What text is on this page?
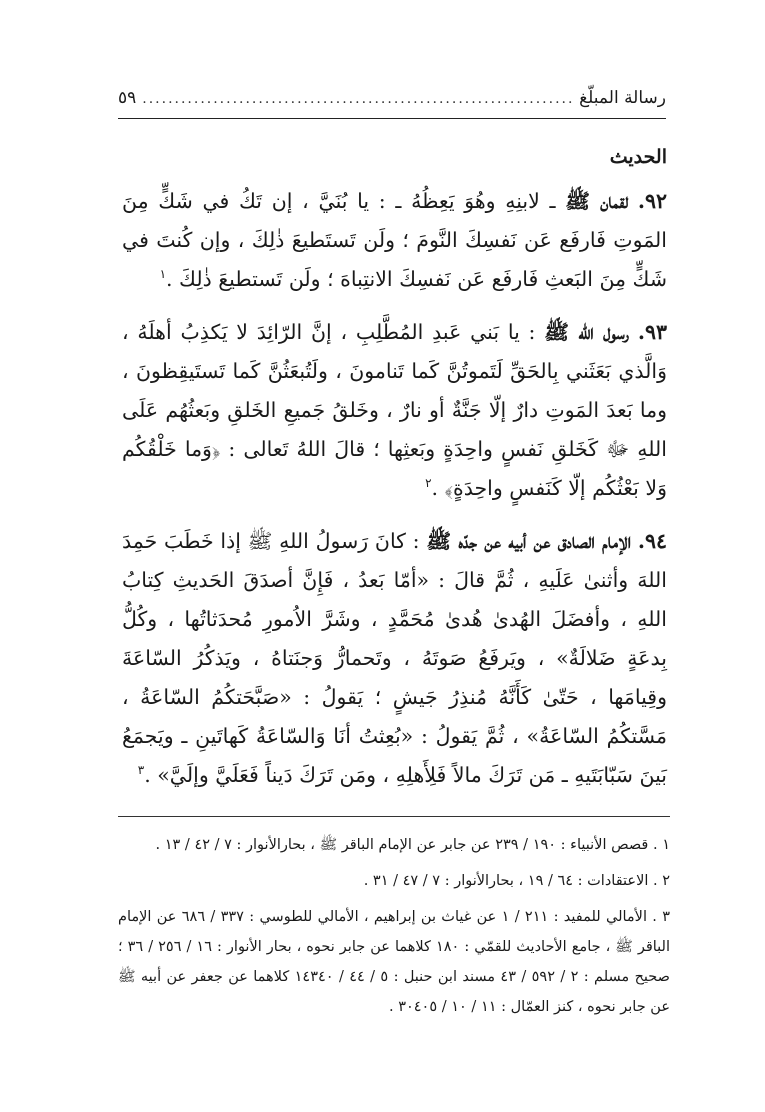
رسالة المبلّغ
.....
٥٩
الحديث

٩٢. لقمان ﷺ ـ لابنِهِ وهُوَ يَعِظُهُ ـ : يا بُنَيَّ ، إن تَكُ في شَكٍّ مِنَ المَوتِ فَارفَع عَن نَفسِكَ النَّومَ ؛ ولَن تَستَطيعَ ذٰلِكَ ، وإن كُنتَ في شَكٍّ مِنَ البَعثِ فَارفَع عَن نَفسِكَ الانتِباهَ ؛ ولَن تَستطيعَ ذٰلِكَ .$^١$

٩٣. رسول الله ﷺ : يا بَني عَبدِ المُطَّلِبِ ، إنَّ الرّائِدَ لا يَكذِبُ أهلَهُ ، وَالَّذي بَعَثَني بِالحَقِّ لَتَموتُنَّ كَما تَنامونَ ، ولَتُبعَثُنَّ كَما تَستَيقِظونَ ، وما بَعدَ المَوتِ دارٌ إلّا جَنَّةٌ أو نارٌ ، وخَلقُ جَميعِ الخَلقِ وبَعثُهُم عَلَى اللهِ ﷻ كَخَلقِ نَفسٍ واحِدَةٍ وبَعثِها ؛ قالَ اللهُ تَعالى : ﴿وَما خَلْقُكُم وَلا بَعْثُكُم إلّا كَنَفسٍ واحِدَةٍ﴾ .$^٢$

٩٤. الإمام الصادق عن أبيه عن جدّه ﷺ : كانَ رَسولُ اللهِ ﷺ إذا خَطَبَ حَمِدَ اللهَ وأثنىٰ عَلَيهِ ، ثُمَّ قالَ : «أمّا بَعدُ ، فَإِنَّ أصدَقَ الحَديثِ كِتابُ اللهِ ، وأفضَلَ الهُدىٰ هُدىٰ مُحَمَّدٍ ، وشَرَّ الاُمورِ مُحدَثاتُها ، وكُلُّ بِدعَةٍ ضَلالَةٌ» ، ويَرفَعُ صَوتَهُ ، وتَحمارُّ وَجنَتاهُ ، ويَذكُرُ السّاعَةَ وقِيامَها ، حَتّىٰ كَأَنَّهُ مُنذِرُ جَيشٍ ؛ يَقولُ : «صَبَّحَتكُمُ السّاعَةُ ، مَسَّتكُمُ السّاعَةُ» ، ثُمَّ يَقولُ : «بُعِثتُ أنَا وَالسّاعَةُ كَهاتَينِ ـ ويَجمَعُ بَينَ سَبّابَتَيهِ ـ مَن تَرَكَ مالاً فَلِأَهلِهِ ، ومَن تَرَكَ دَيناً فَعَلَيَّ وإلَيَّ» .$^٣$

١ . قصص الأنبياء : ١٩٠ / ٢٣٩ عن جابر عن الإمام الباقر ﷺ ، بحارالأنوار : ٧ / ٤٢ / ١٣ .
٢ . الاعتقادات : ٦٤ / ١٩ ، بحارالأنوار : ٧ / ٤٧ / ٣١ .
٣ . الأمالي للمفيد : ٢١١ / ١ عن غياث بن إبراهيم ، الأمالي للطوسي : ٣٣٧ / ٦٨٦ عن الإمام الباقر ﷺ ، جامع الأحاديث للقمّي : ١٨٠ كلاهما عن جابر نحوه ، بحار الأنوار : ١٦ / ٢٥٦ / ٣٦ ؛ صحيح مسلم : ٢ / ٥٩٢ / ٤٣ مسند ابن حنبل : ٥ / ٤٤ / ١٤٣٤٠ كلاهما عن جعفر عن أبيه ﷺ عن جابر نحوه ، كنز العمّال : ١١ / ١٠ / ٣٠٤٠٥ .
